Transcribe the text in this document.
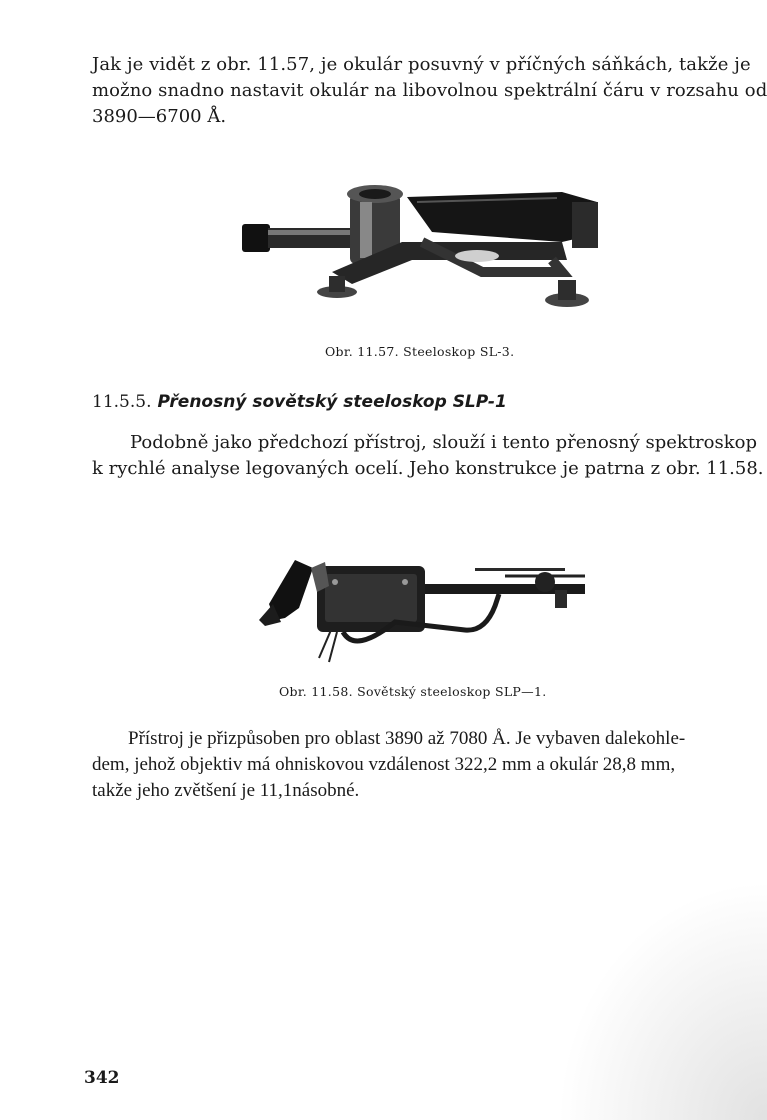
Jak je vidět z obr. 11.57, je okulár posuvný v příčných sáňkách, takže je
možno snadno nastavit okulár na libovolnou spektrální čáru v rozsahu od
3890—6700 Å.

Obr. 11.57. Steeloskop SL-3.
11.5.5. Přenosný sovětský steeloskop SLP-1

Podobně jako předchozí přístroj, slouží i tento přenosný spektroskop
k rychlé analyse legovaných ocelí. Jeho konstrukce je patrna z obr. 11.58.

Obr. 11.58. Sovětský steeloskop SLP—1.

Přístroj je přizpůsoben pro oblast 3890 až 7080 Å. Je vybaven dalekohle-
dem, jehož objektiv má ohniskovou vzdálenost 322,2 mm a okulár 28,8 mm,
takže jeho zvětšení je 11,1násobné.

342
